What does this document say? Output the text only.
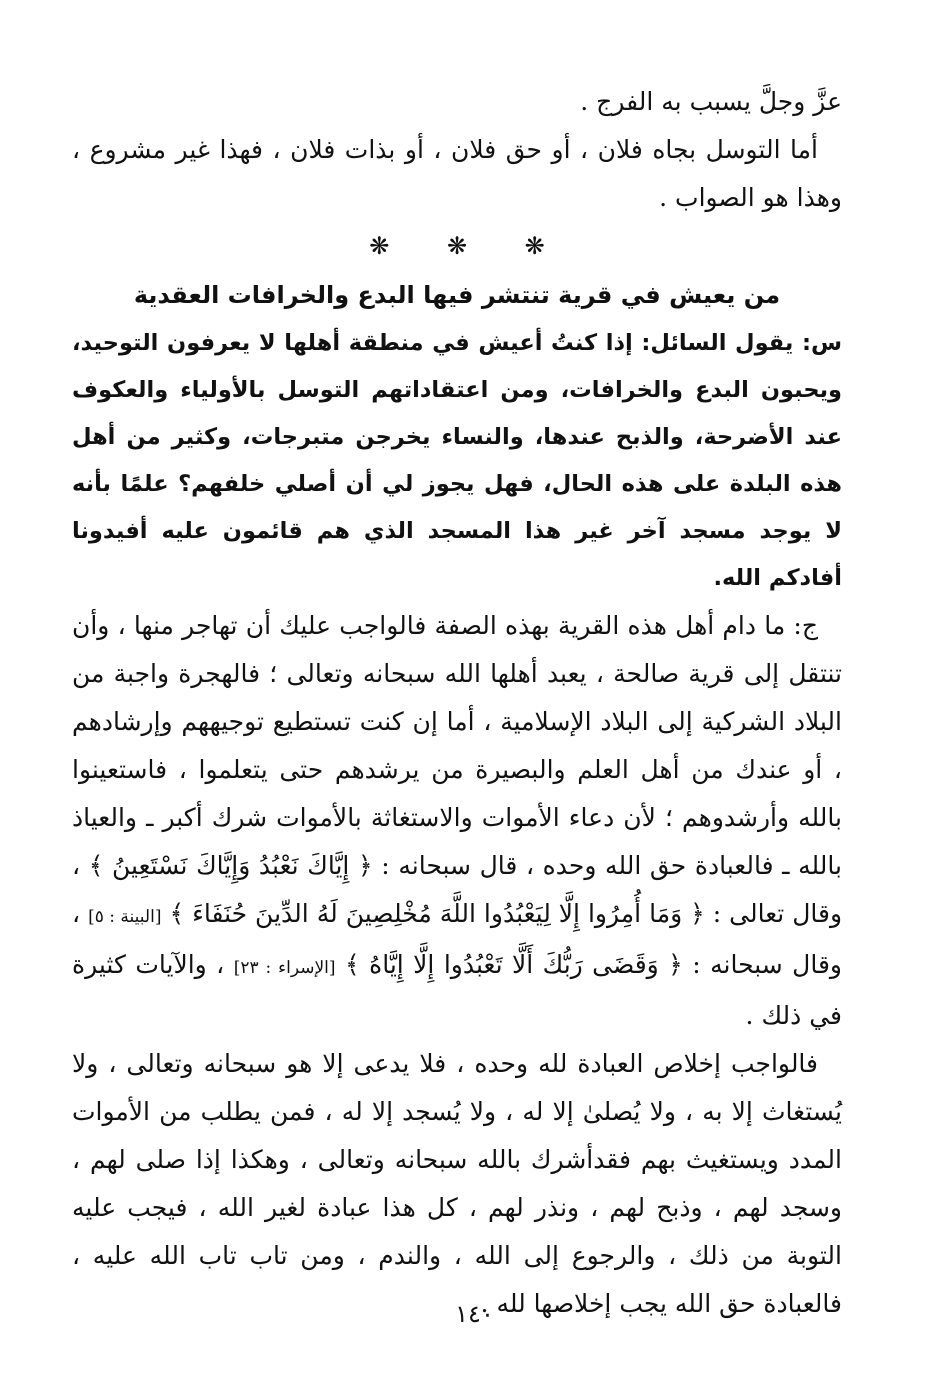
عزَّ وجلَّ يسبب به الفرج .

أما التوسل بجاه فلان ، أو حق فلان ، أو بذات فلان ، فهذا غير مشروع ، وهذا هو الصواب .

❋ ❋ ❋

من يعيش في قرية تنتشر فيها البدع والخرافات العقدية

س: يقول السائل: إذا كنتُ أعيش في منطقة أهلها لا يعرفون التوحيد، ويحبون البدع والخرافات، ومن اعتقاداتهم التوسل بالأولياء والعكوف عند الأضرحة، والذبح عندها، والنساء يخرجن متبرجات، وكثير من أهل هذه البلدة على هذه الحال، فهل يجوز لي أن أصلي خلفهم؟ علمًا بأنه لا يوجد مسجد آخر غير هذا المسجد الذي هم قائمون عليه أفيدونا أفادكم الله.

ج: ما دام أهل هذه القرية بهذه الصفة فالواجب عليك أن تهاجر منها ، وأن تنتقل إلى قرية صالحة ، يعبد أهلها الله سبحانه وتعالى ؛ فالهجرة واجبة من البلاد الشركية إلى البلاد الإسلامية ، أما إن كنت تستطيع توجيههم وإرشادهم ، أو عندك من أهل العلم والبصيرة من يرشدهم حتى يتعلموا ، فاستعينوا بالله وأرشدوهم ؛ لأن دعاء الأموات والاستغاثة بالأموات شرك أكبر ـ والعياذ بالله ـ فالعبادة حق الله وحده ، قال سبحانه : ﴿ إِيَّاكَ نَعْبُدُ وَإِيَّاكَ نَسْتَعِينُ ﴾ ، وقال تعالى : ﴿ وَمَا أُمِرُوا إِلَّا لِيَعْبُدُوا اللَّهَ مُخْلِصِينَ لَهُ الدِّينَ حُنَفَاءَ ﴾ [البينة : ٥] ، وقال سبحانه : ﴿ وَقَضَى رَبُّكَ أَلَّا تَعْبُدُوا إِلَّا إِيَّاهُ ﴾ [الإسراء : ٢٣] ، والآيات كثيرة في ذلك .

فالواجب إخلاص العبادة لله وحده ، فلا يدعى إلا هو سبحانه وتعالى ، ولا يُستغاث إلا به ، ولا يُصلىٰ إلا له ، ولا يُسجد إلا له ، فمن يطلب من الأموات المدد ويستغيث بهم فقدأشرك بالله سبحانه وتعالى ، وهكذا إذا صلى لهم ، وسجد لهم ، وذبح لهم ، ونذر لهم ، كل هذا عبادة لغير الله ، فيجب عليه التوبة من ذلك ، والرجوع إلى الله ، والندم ، ومن تاب تاب الله عليه ، فالعبادة حق الله يجب إخلاصها لله .

١٤٠
